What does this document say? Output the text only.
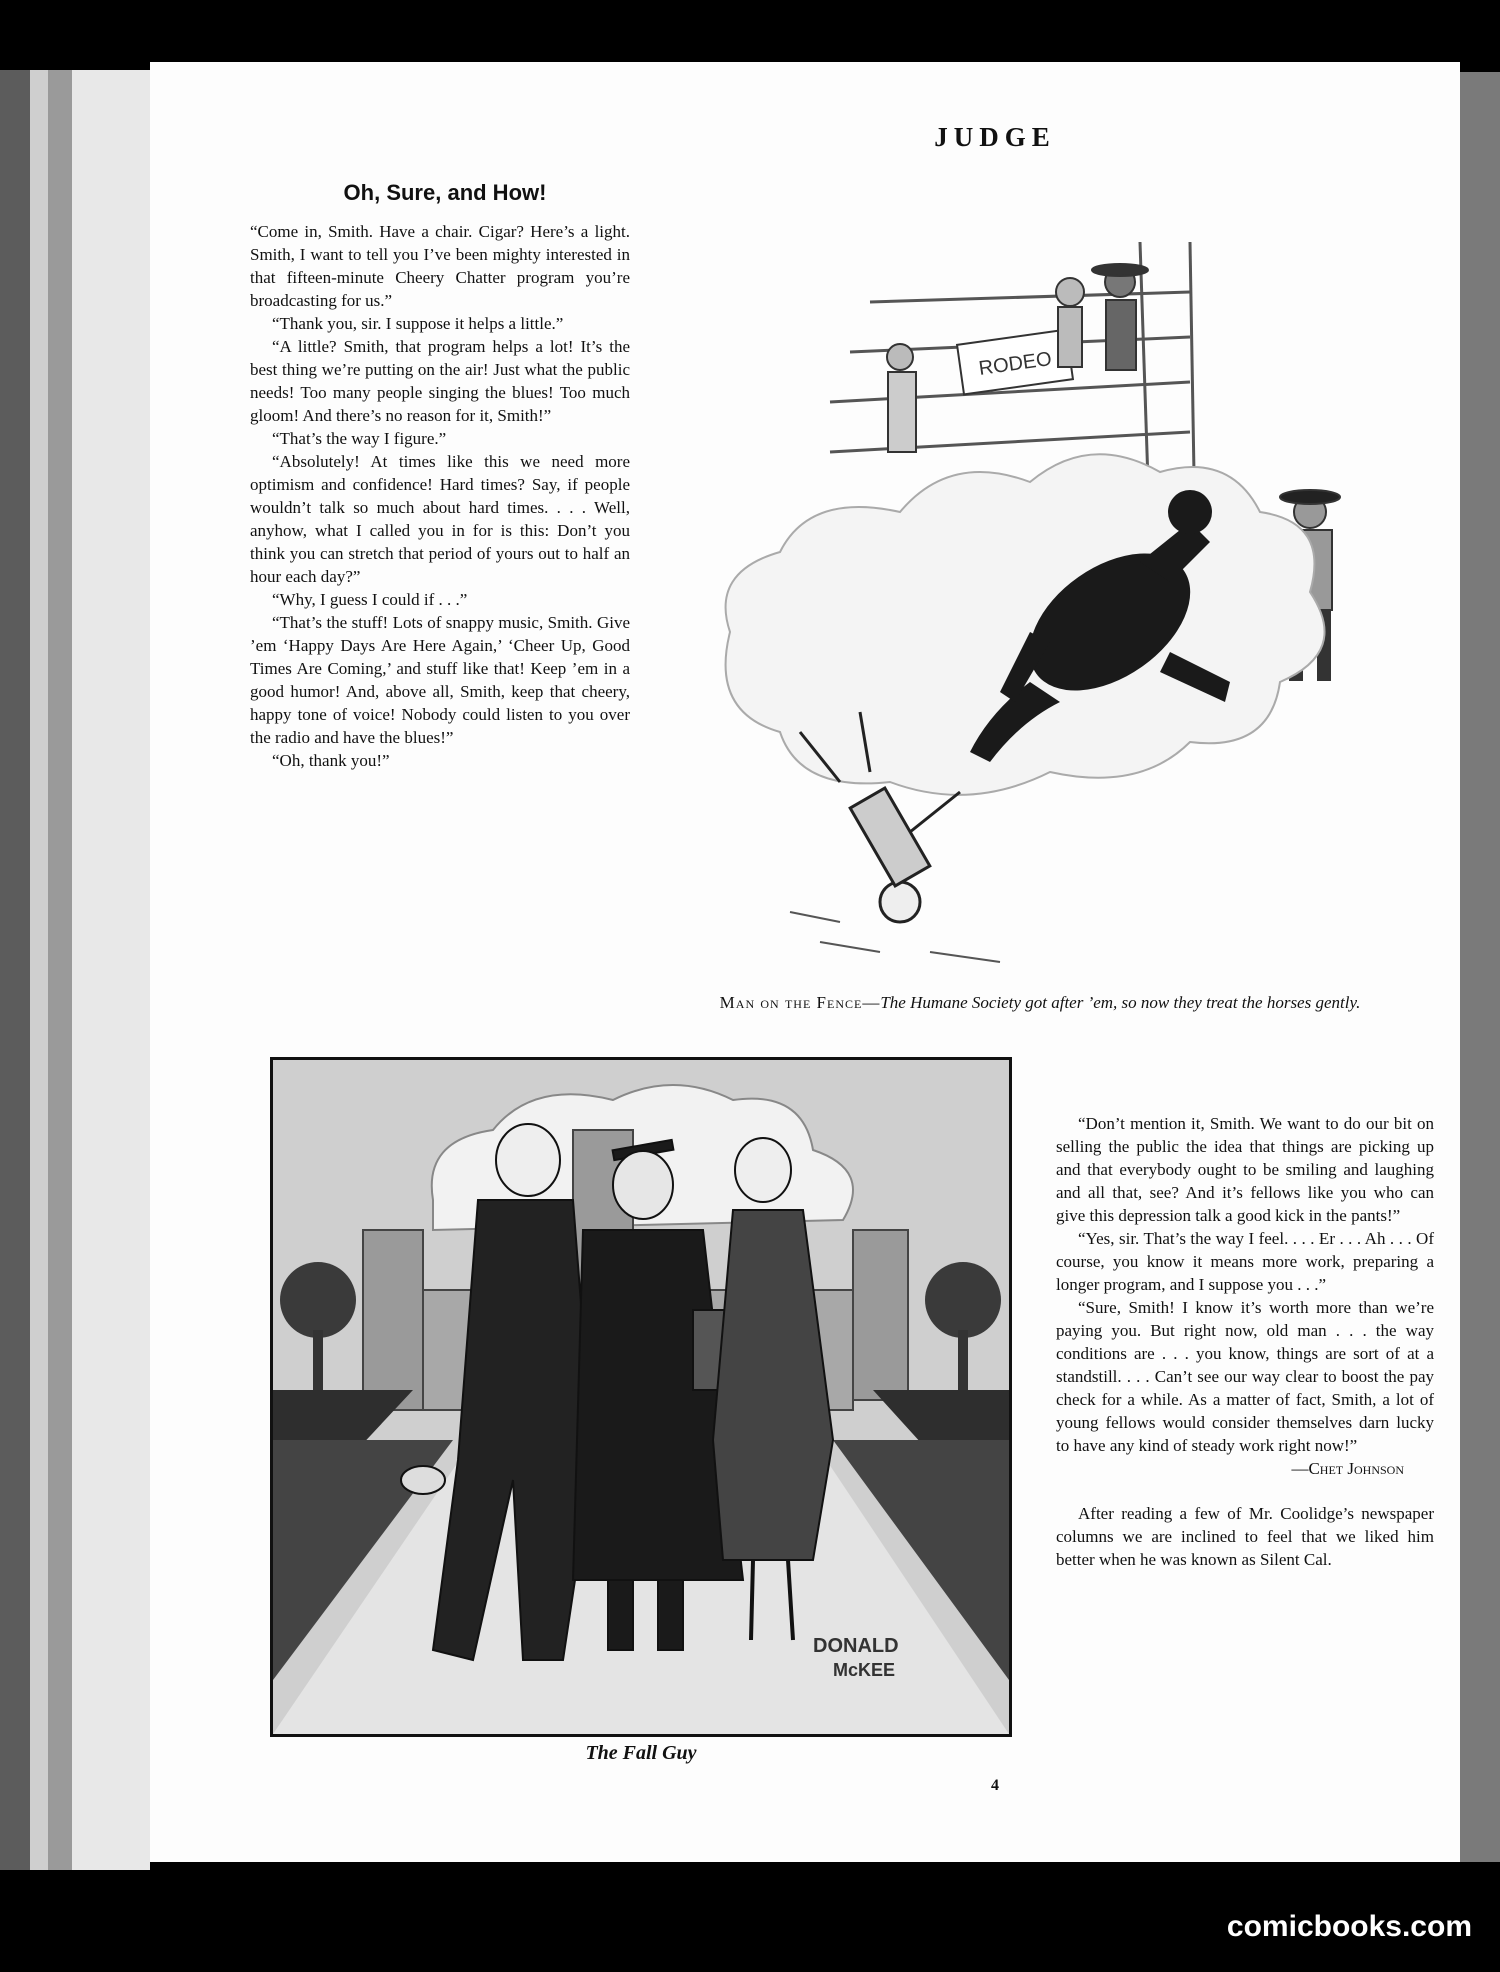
JUDGE
Oh, Sure, and How!

“Come in, Smith. Have a chair. Cigar? Here’s a light. Smith, I want to tell you I’ve been mighty interested in that fifteen-minute Cheery Chatter program you’re broadcasting for us.”

“Thank you, sir. I suppose it helps a little.”

“A little? Smith, that program helps a lot! It’s the best thing we’re putting on the air! Just what the public needs! Too many people singing the blues! Too much gloom! And there’s no reason for it, Smith!”

“That’s the way I figure.”

“Absolutely! At times like this we need more optimism and confidence! Hard times? Say, if people wouldn’t talk so much about hard times. . . . Well, anyhow, what I called you in for is this: Don’t you think you can stretch that period of yours out to half an hour each day?”

“Why, I guess I could if . . .”

“That’s the stuff! Lots of snappy music, Smith. Give ’em ‘Happy Days Are Here Again,’ ‘Cheer Up, Good Times Are Coming,’ and stuff like that! Keep ’em in a good humor! And, above all, Smith, keep that cheery, happy tone of voice! Nobody could listen to you over the radio and have the blues!”

“Oh, thank you!”

RODEO
Man on the Fence—The Humane Society got after ’em, so now they treat the horses gently.
DONALD
McKEE
The Fall Guy

“Don’t mention it, Smith. We want to do our bit on selling the public the idea that things are picking up and that everybody ought to be smiling and laughing and all that, see? And it’s fellows like you who can give this depression talk a good kick in the pants!”

“Yes, sir. That’s the way I feel. . . . Er . . . Ah . . . Of course, you know it means more work, preparing a longer program, and I suppose you . . .”

“Sure, Smith! I know it’s worth more than we’re paying you. But right now, old man . . . the way conditions are . . . you know, things are sort of at a standstill. . . . Can’t see our way clear to boost the pay check for a while. As a matter of fact, Smith, a lot of young fellows would consider themselves darn lucky to have any kind of steady work right now!”

—Chet Johnson

After reading a few of Mr. Coolidge’s newspaper columns we are inclined to feel that we liked him better when he was known as Silent Cal.

4
comicbooks.com
